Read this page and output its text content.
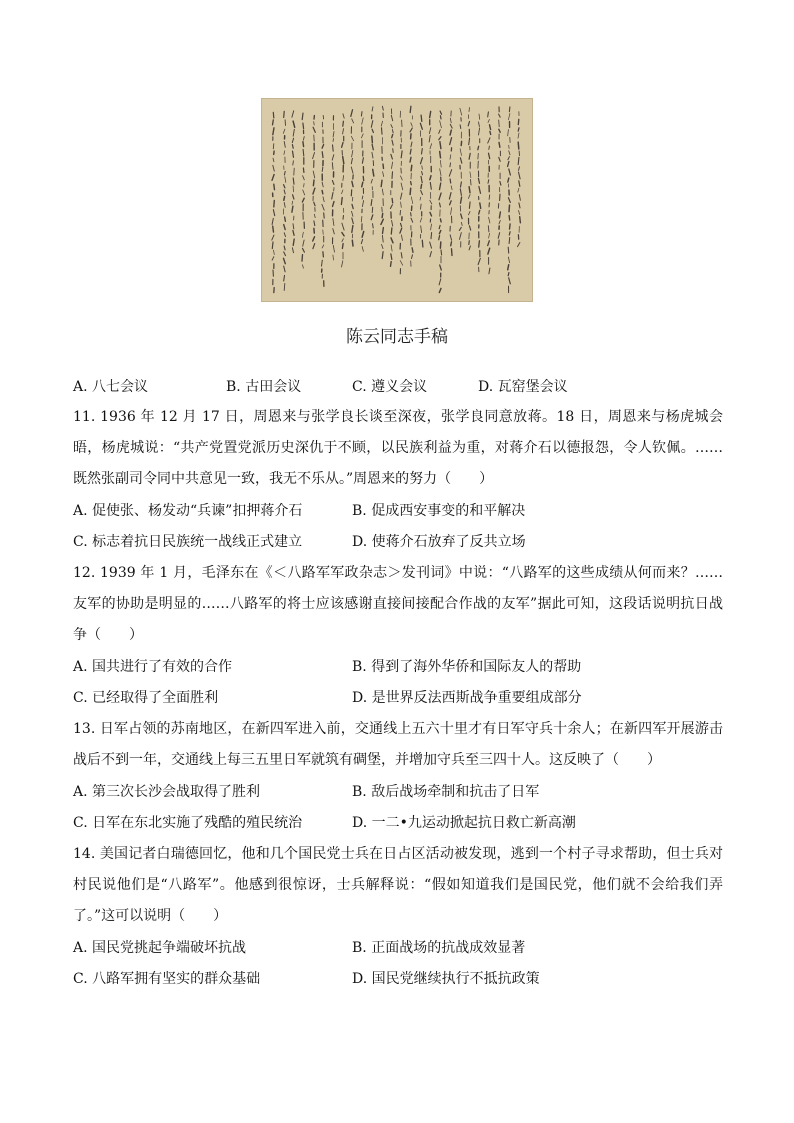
陈云同志手稿
A. 八七会议	B. 古田会议	C. 遵义会议	D. 瓦窑堡会议
11. 1936 年 12 月 17 日，周恩来与张学良长谈至深夜，张学良同意放蒋。18 日，周恩来与杨虎城会晤，杨虎城说：“共产党置党派历史深仇于不顾，以民族利益为重，对蒋介石以德报怨，令人钦佩。……既然张副司令同中共意见一致，我无不乐从。”周恩来的努力（　　）
A. 促使张、杨发动“兵谏”扣押蒋介石	B. 促成西安事变的和平解决
C. 标志着抗日民族统一战线正式建立	D. 使蒋介石放弃了反共立场
12. 1939 年 1 月，毛泽东在《＜八路军军政杂志＞发刊词》中说：“八路军的这些成绩从何而来？……友军的协助是明显的……八路军的将士应该感谢直接间接配合作战的友军”据此可知，这段话说明抗日战争（　　）
A. 国共进行了有效的合作	B. 得到了海外华侨和国际友人的帮助
C. 已经取得了全面胜利	D. 是世界反法西斯战争重要组成部分
13. 日军占领的苏南地区，在新四军进入前，交通线上五六十里才有日军守兵十余人；在新四军开展游击战后不到一年，交通线上每三五里日军就筑有碉堡，并增加守兵至三四十人。这反映了（　　）
A. 第三次长沙会战取得了胜利	B. 敌后战场牵制和抗击了日军
C. 日军在东北实施了残酷的殖民统治	D. 一二•九运动掀起抗日救亡新高潮
14. 美国记者白瑞德回忆，他和几个国民党士兵在日占区活动被发现，逃到一个村子寻求帮助，但士兵对村民说他们是“八路军”。他感到很惊讶，士兵解释说：“假如知道我们是国民党，他们就不会给我们弄了。”这可以说明（　　）
A. 国民党挑起争端破坏抗战	B. 正面战场的抗战成效显著
C. 八路军拥有坚实的群众基础	D. 国民党继续执行不抵抗政策
